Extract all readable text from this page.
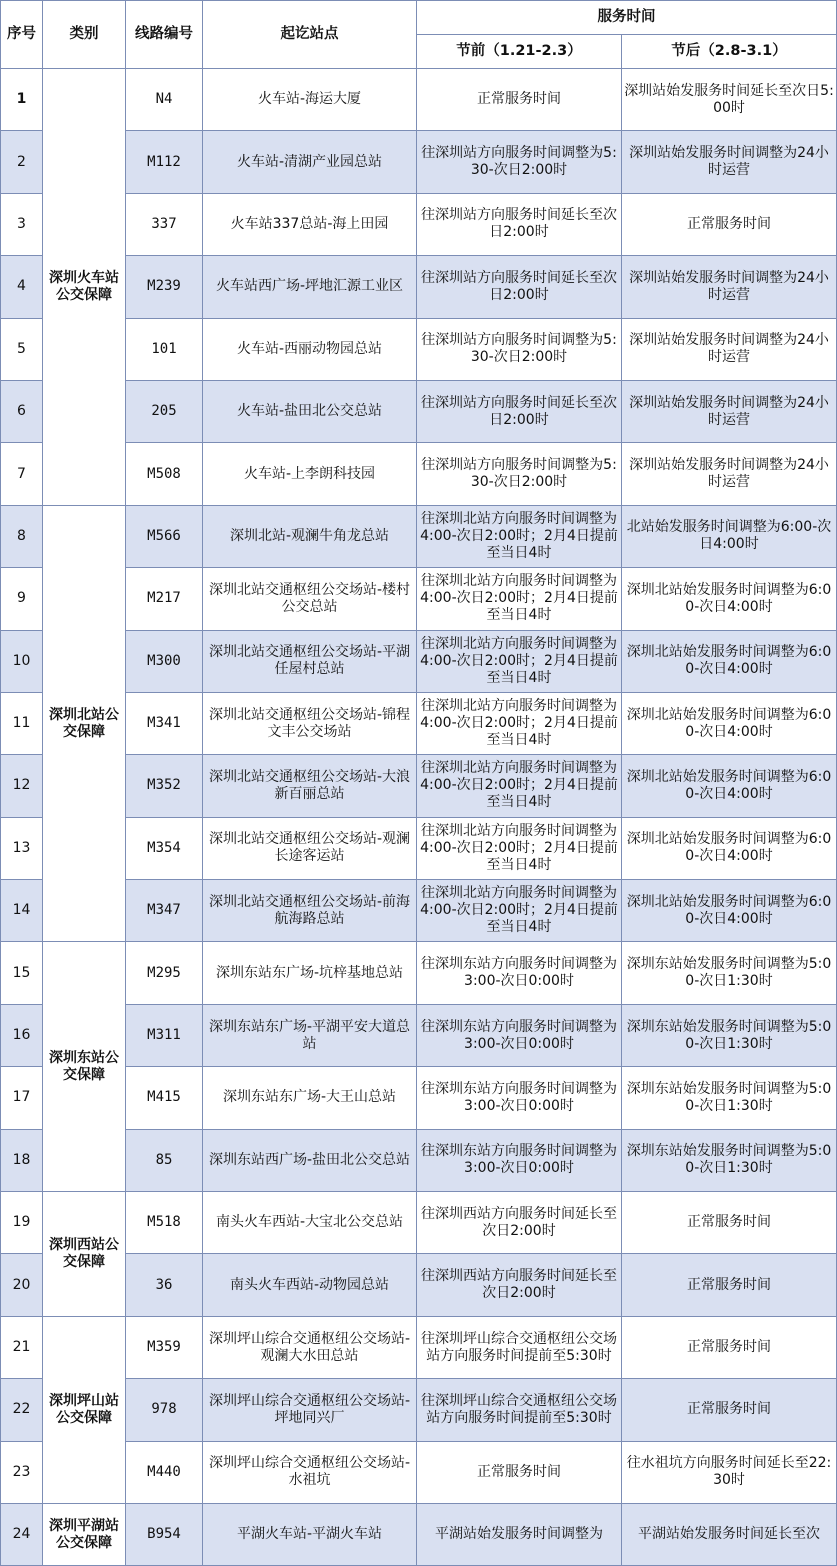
序号	类别	线路编号	起讫站点	服务时间	
				节前（1.21-2.3）	节后（2.8-3.1）
1	深圳火车站公交保障	N4	火车站-海运大厦	正常服务时间	深圳站始发服务时间延长至次日5:00时
2		M112	火车站-清湖产业园总站	往深圳站方向服务时间调整为5:30-次日2:00时	深圳站始发服务时间调整为24小时运营
3		337	火车站337总站-海上田园	往深圳站方向服务时间延长至次日2:00时	正常服务时间
4		M239	火车站西广场-坪地汇源工业区	往深圳站方向服务时间延长至次日2:00时	深圳站始发服务时间调整为24小时运营
5		101	火车站-西丽动物园总站	往深圳站方向服务时间调整为5:30-次日2:00时	深圳站始发服务时间调整为24小时运营
6		205	火车站-盐田北公交总站	往深圳站方向服务时间延长至次日2:00时	深圳站始发服务时间调整为24小时运营
7		M508	火车站-上李朗科技园	往深圳站方向服务时间调整为5:30-次日2:00时	深圳站始发服务时间调整为24小时运营
8	深圳北站公交保障	M566	深圳北站-观澜牛角龙总站	往深圳北站方向服务时间调整为4:00-次日2:00时；2月4日提前至当日4时	北站始发服务时间调整为6:00-次日4:00时
9		M217	深圳北站交通枢纽公交场站-楼村公交总站	往深圳北站方向服务时间调整为4:00-次日2:00时；2月4日提前至当日4时	深圳北站始发服务时间调整为6:00-次日4:00时
10		M300	深圳北站交通枢纽公交场站-平湖任屋村总站	往深圳北站方向服务时间调整为4:00-次日2:00时；2月4日提前至当日4时	深圳北站始发服务时间调整为6:00-次日4:00时
11		M341	深圳北站交通枢纽公交场站-锦程文丰公交场站	往深圳北站方向服务时间调整为4:00-次日2:00时；2月4日提前至当日4时	深圳北站始发服务时间调整为6:00-次日4:00时
12		M352	深圳北站交通枢纽公交场站-大浪新百丽总站	往深圳北站方向服务时间调整为4:00-次日2:00时；2月4日提前至当日4时	深圳北站始发服务时间调整为6:00-次日4:00时
13		M354	深圳北站交通枢纽公交场站-观澜长途客运站	往深圳北站方向服务时间调整为4:00-次日2:00时；2月4日提前至当日4时	深圳北站始发服务时间调整为6:00-次日4:00时
14		M347	深圳北站交通枢纽公交场站-前海航海路总站	往深圳北站方向服务时间调整为4:00-次日2:00时；2月4日提前至当日4时	深圳北站始发服务时间调整为6:00-次日4:00时
15	深圳东站公交保障	M295	深圳东站东广场-坑梓基地总站	往深圳东站方向服务时间调整为3:00-次日0:00时	深圳东站始发服务时间调整为5:00-次日1:30时
16		M311	深圳东站东广场-平湖平安大道总站	往深圳东站方向服务时间调整为3:00-次日0:00时	深圳东站始发服务时间调整为5:00-次日1:30时
17		M415	深圳东站东广场-大王山总站	往深圳东站方向服务时间调整为3:00-次日0:00时	深圳东站始发服务时间调整为5:00-次日1:30时
18		85	深圳东站西广场-盐田北公交总站	往深圳东站方向服务时间调整为3:00-次日0:00时	深圳东站始发服务时间调整为5:00-次日1:30时
19	深圳西站公交保障	M518	南头火车西站-大宝北公交总站	往深圳西站方向服务时间延长至次日2:00时	正常服务时间
20		36	南头火车西站-动物园总站	往深圳西站方向服务时间延长至次日2:00时	正常服务时间
21	深圳坪山站公交保障	M359	深圳坪山综合交通枢纽公交场站-观澜大水田总站	往深圳坪山综合交通枢纽公交场站方向服务时间提前至5:30时	正常服务时间
22		978	深圳坪山综合交通枢纽公交场站-坪地同兴厂	往深圳坪山综合交通枢纽公交场站方向服务时间提前至5:30时	正常服务时间
23		M440	深圳坪山综合交通枢纽公交场站-水祖坑	正常服务时间	往水祖坑方向服务时间延长至22:30时
24	深圳平湖站公交保障	B954	平湖火车站-平湖火车站	平湖站始发服务时间调整为	平湖站始发服务时间延长至次
